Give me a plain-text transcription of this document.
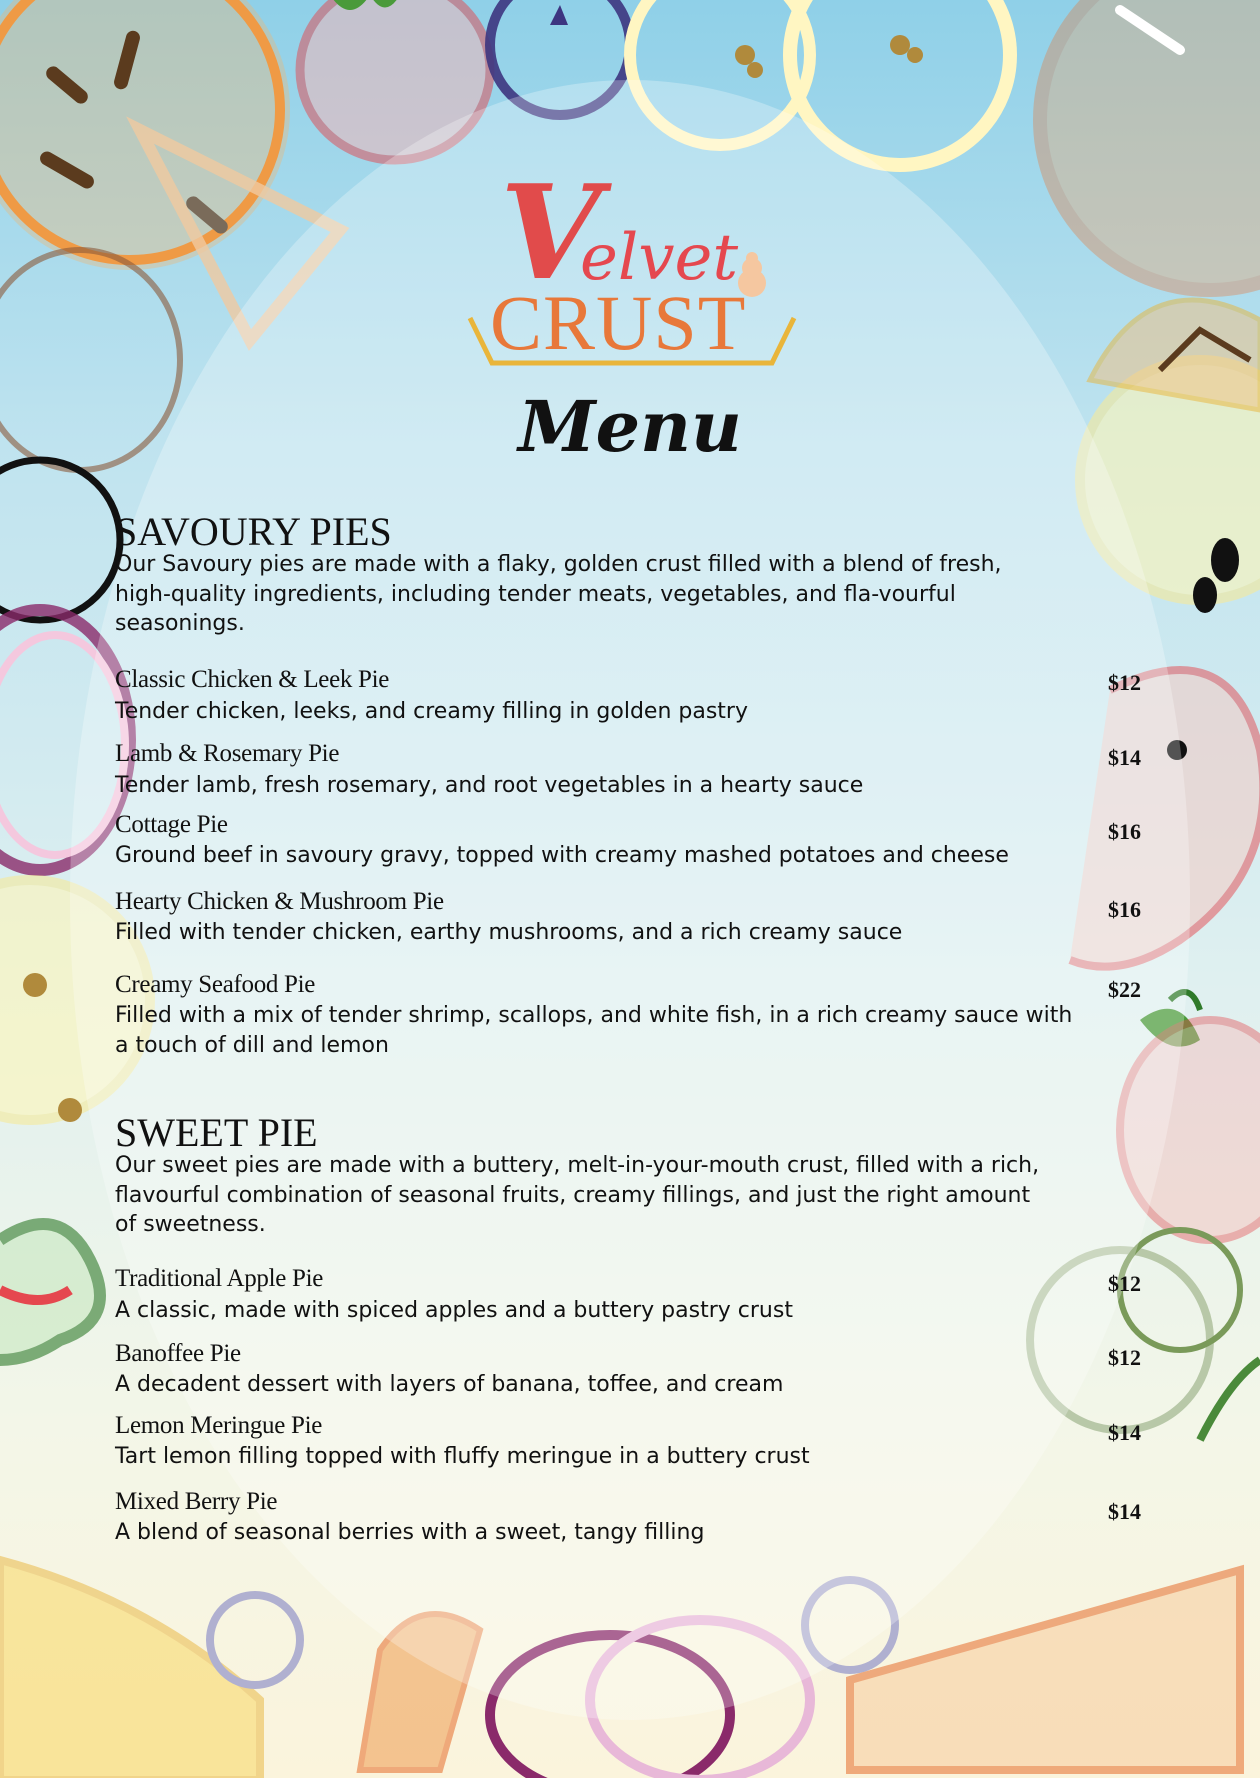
V
elvet
CRUST
Menu
SAVOURY PIES
Our Savoury pies are made with a flaky, golden crust filled with a blend of fresh, high-quality ingredients, including tender meats, vegetables, and fla-vourful seasonings.
Classic Chicken & Leek Pie	$12
Tender chicken, leeks, and creamy filling in golden pastry
Lamb & Rosemary Pie	$14
Tender lamb, fresh rosemary, and root vegetables in a hearty sauce
Cottage Pie	$16
Ground beef in savoury gravy, topped with creamy mashed potatoes and cheese
Hearty Chicken & Mushroom Pie	$16
Filled with tender chicken, earthy mushrooms, and a rich creamy sauce
Creamy Seafood Pie	$22
Filled with a mix of tender shrimp, scallops, and white fish, in a rich creamy sauce with a touch of dill and lemon
SWEET PIE
Our sweet pies are made with a buttery, melt-in-your-mouth crust, filled with a rich, flavourful combination of seasonal fruits, creamy fillings, and just the right amount of sweetness.
Traditional Apple Pie	$12
A classic, made with spiced apples and a buttery pastry crust
Banoffee Pie	$12
A decadent dessert with layers of banana, toffee, and cream
Lemon Meringue Pie	$14
Tart lemon filling topped with fluffy meringue in a buttery crust
Mixed Berry Pie	$14
A blend of seasonal berries with a sweet, tangy filling
